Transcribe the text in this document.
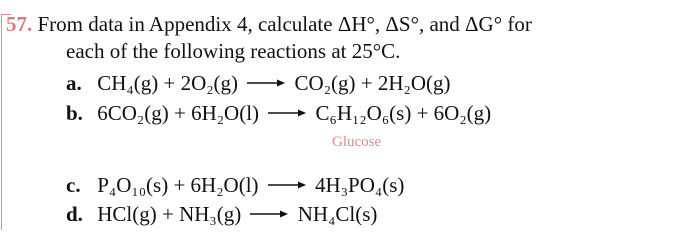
57. From data in Appendix 4, calculate ΔH°, ΔS°, and ΔG° for
each of the following reactions at 25°C.
a. CH₄(g) + 2O₂(g) → CO₂(g) + 2H₂O(g)
b. 6CO₂(g) + 6H₂O(l) → C₆H₁₂O₆(s) + 6O₂(g)
Glucose
c. P₄O₁₀(s) + 6H₂O(l) → 4H₃PO₄(s)
d. HCl(g) + NH₃(g) → NH₄Cl(s)
